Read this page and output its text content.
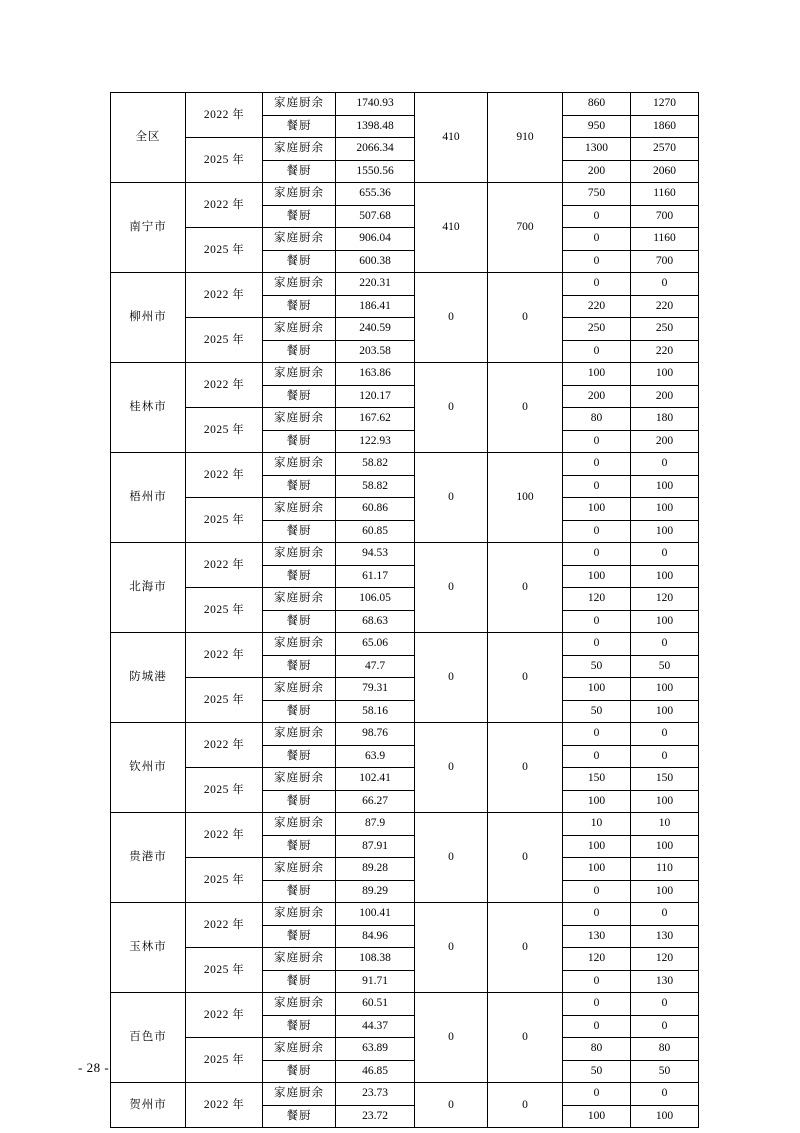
全区	2022 年	家庭厨余	1740.93	410	910	860	1270
		餐厨	1398.48			950	1860
	2025 年	家庭厨余	2066.34			1300	2570
		餐厨	1550.56			200	2060
南宁市	2022 年	家庭厨余	655.36	410	700	750	1160
		餐厨	507.68			0	700
	2025 年	家庭厨余	906.04			0	1160
		餐厨	600.38			0	700
柳州市	2022 年	家庭厨余	220.31	0	0	0	0
		餐厨	186.41			220	220
	2025 年	家庭厨余	240.59			250	250
		餐厨	203.58			0	220
桂林市	2022 年	家庭厨余	163.86	0	0	100	100
		餐厨	120.17			200	200
	2025 年	家庭厨余	167.62			80	180
		餐厨	122.93			0	200
梧州市	2022 年	家庭厨余	58.82	0	100	0	0
		餐厨	58.82			0	100
	2025 年	家庭厨余	60.86			100	100
		餐厨	60.85			0	100
北海市	2022 年	家庭厨余	94.53	0	0	0	0
		餐厨	61.17			100	100
	2025 年	家庭厨余	106.05			120	120
		餐厨	68.63			0	100
防城港	2022 年	家庭厨余	65.06	0	0	0	0
		餐厨	47.7			50	50
	2025 年	家庭厨余	79.31			100	100
		餐厨	58.16			50	100
钦州市	2022 年	家庭厨余	98.76	0	0	0	0
		餐厨	63.9			0	0
	2025 年	家庭厨余	102.41			150	150
		餐厨	66.27			100	100
贵港市	2022 年	家庭厨余	87.9	0	0	10	10
		餐厨	87.91			100	100
	2025 年	家庭厨余	89.28			100	110
		餐厨	89.29			0	100
玉林市	2022 年	家庭厨余	100.41	0	0	0	0
		餐厨	84.96			130	130
	2025 年	家庭厨余	108.38			120	120
		餐厨	91.71			0	130
百色市	2022 年	家庭厨余	60.51	0	0	0	0
		餐厨	44.37			0	0
	2025 年	家庭厨余	63.89			80	80
		餐厨	46.85			50	50
贺州市	2022 年	家庭厨余	23.73	0	0	0	0
		餐厨	23.72			100	100
- 28 -
